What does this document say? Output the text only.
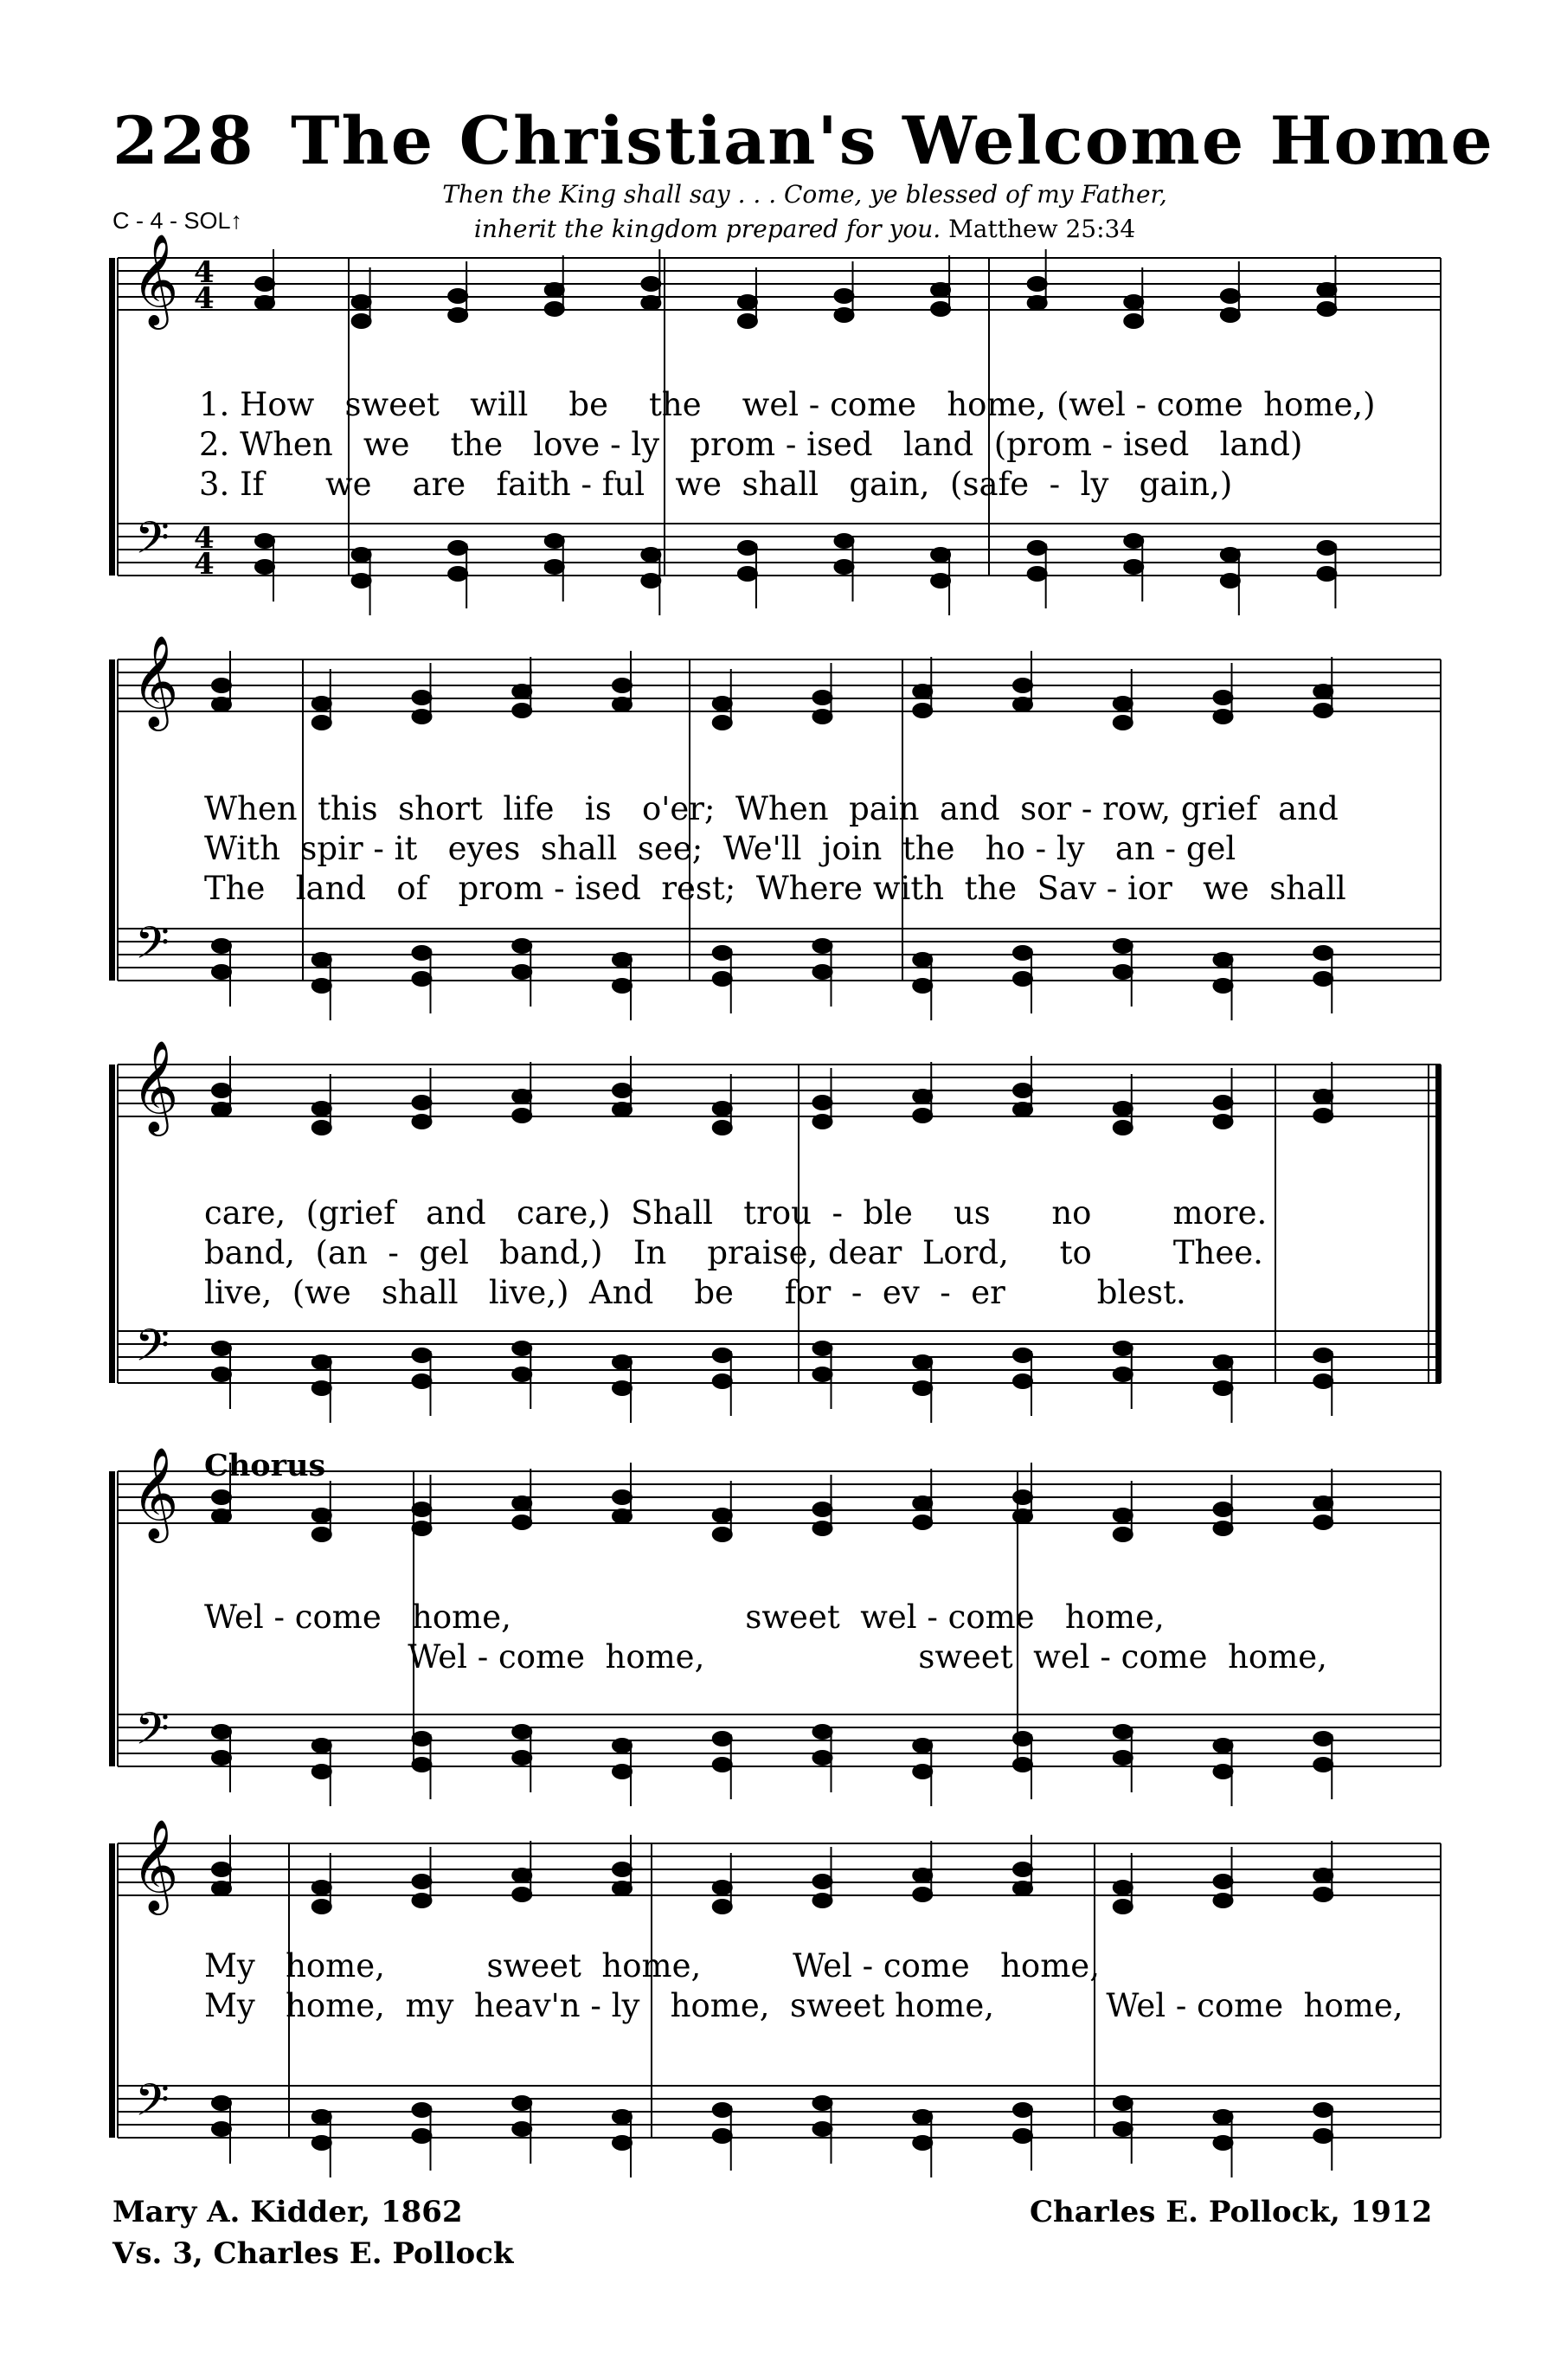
228 The Christian's Welcome Home
C - 4 - SOL↑
Then the King shall say . . . Come, ye blessed of my Father,
inherit the kingdom prepared for you. Matthew 25:34
𝄞
𝄢
4
4
4
4
𝄞
𝄢
𝄞
𝄢
𝄞
𝄢
𝄞
𝄢
1. How   sweet   will    be    the    wel - come   home, (wel - come  home,)
2. When   we    the   love - ly   prom - ised   land  (prom - ised   land)
3. If      we    are   faith - ful   we  shall   gain,  (safe  -  ly   gain,)
When  this  short  life   is   o'er;  When  pain  and  sor - row, grief  and
With  spir - it   eyes  shall  see;  We'll  join  the   ho - ly   an - gel
The   land   of   prom - ised  rest;  Where with  the  Sav - ior   we  shall
care,  (grief   and   care,)  Shall   trou  -  ble    us      no        more.
band,  (an  -  gel   band,)   In    praise, dear  Lord,     to        Thee.
live,  (we   shall   live,)  And    be     for  -  ev  -  er         blest.
Wel - come   home,                       sweet  wel - come   home,
Wel - come  home,                     sweet  wel - come  home,
My   home,          sweet  home,         Wel - come   home,
My   home,  my  heav'n - ly   home,  sweet home,           Wel - come  home,
Chorus
Mary A. Kidder, 1862
Vs. 3, Charles E. Pollock
Charles E. Pollock, 1912
